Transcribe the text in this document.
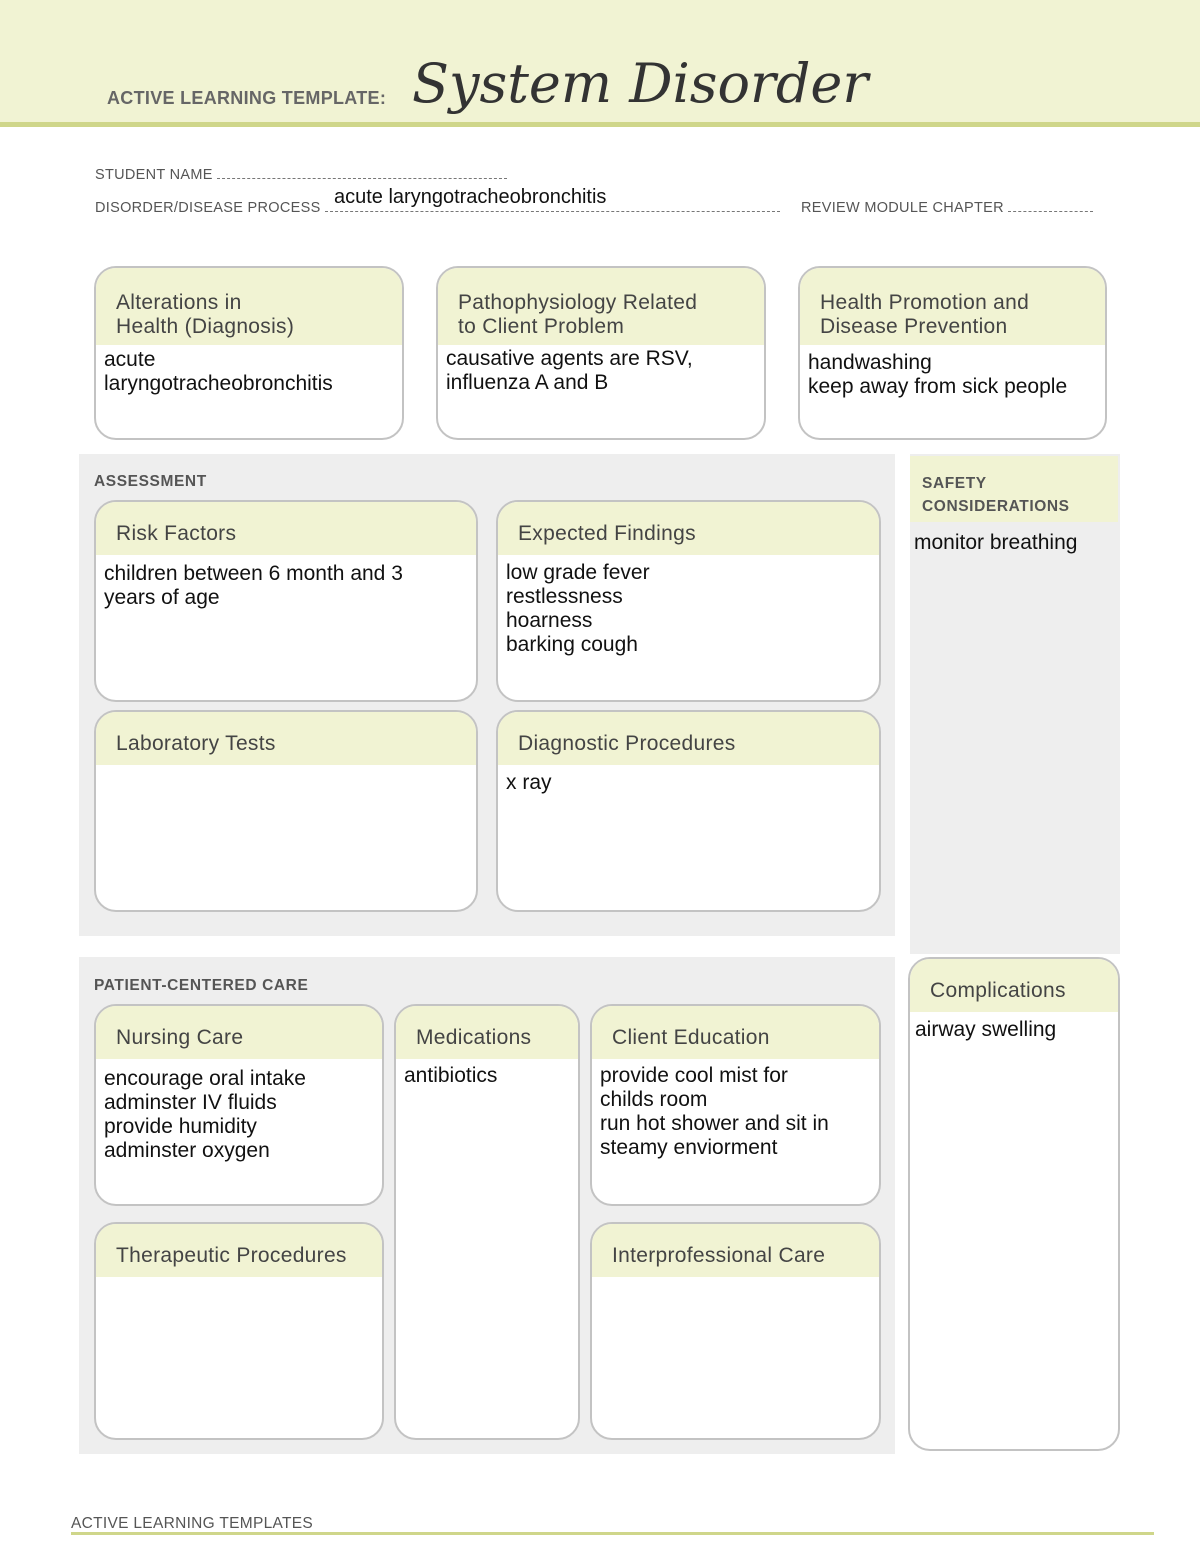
ACTIVE LEARNING TEMPLATE: System Disorder
STUDENT NAME
DISORDER/DISEASE PROCESS acute laryngotracheobronchitis	REVIEW MODULE CHAPTER
Alterations in
Health (Diagnosis)
acute
laryngotracheobronchitis
Pathophysiology Related
to Client Problem
causative agents are RSV,
influenza A and B
Health Promotion and
Disease Prevention
handwashing
keep away from sick people
ASSESSMENT
Risk Factors
children between 6 month and 3
years of age
Expected Findings
low grade fever
restlessness
hoarness
barking cough
Laboratory Tests	Diagnostic Procedures
x ray
SAFETY
CONSIDERATIONS
monitor breathing
PATIENT-CENTERED CARE
Nursing Care
encourage oral intake
adminster IV fluids
provide humidity
adminster oxygen
Medications
antibiotics
Client Education
provide cool mist for
childs room
run hot shower and sit in
steamy enviorment
Therapeutic Procedures	Interprofessional Care
Complications
airway swelling
ACTIVE LEARNING TEMPLATES
